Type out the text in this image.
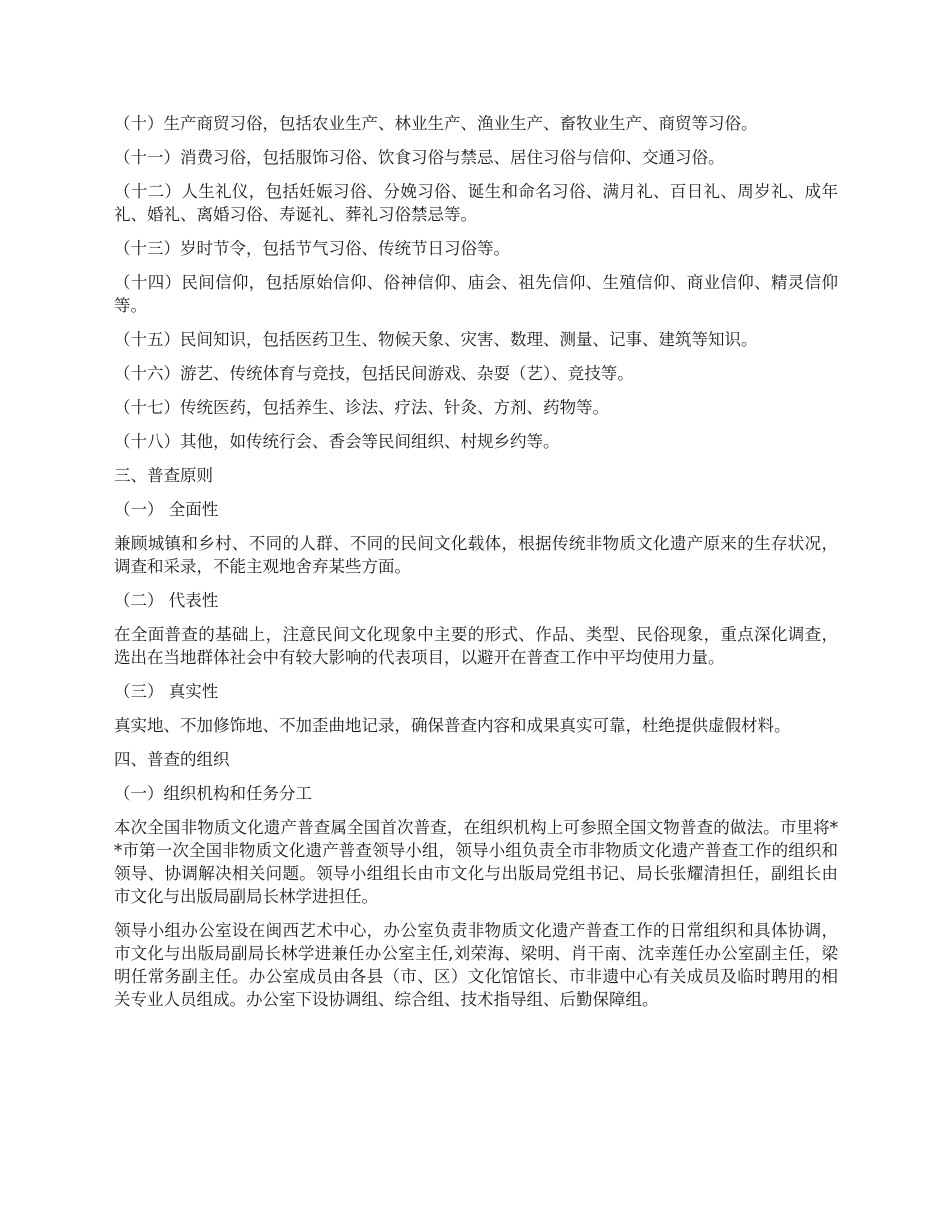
（十）生产商贸习俗，包括农业生产、林业生产、渔业生产、畜牧业生产、商贸等习俗。

（十一）消费习俗，包括服饰习俗、饮食习俗与禁忌、居住习俗与信仰、交通习俗。

（十二）人生礼仪，包括妊娠习俗、分娩习俗、诞生和命名习俗、满月礼、百日礼、周岁礼、成年礼、婚礼、离婚习俗、寿诞礼、葬礼习俗禁忌等。

（十三）岁时节令，包括节气习俗、传统节日习俗等。

（十四）民间信仰，包括原始信仰、俗神信仰、庙会、祖先信仰、生殖信仰、商业信仰、精灵信仰等。

（十五）民间知识，包括医药卫生、物候天象、灾害、数理、测量、记事、建筑等知识。

（十六）游艺、传统体育与竞技，包括民间游戏、杂耍（艺）、竞技等。

（十七）传统医药，包括养生、诊法、疗法、针灸、方剂、药物等。

（十八）其他，如传统行会、香会等民间组织、村规乡约等。

三、普查原则

（一） 全面性

兼顾城镇和乡村、不同的人群、不同的民间文化载体，根据传统非物质文化遗产原来的生存状况，调查和采录，不能主观地舍弃某些方面。

（二） 代表性

在全面普查的基础上，注意民间文化现象中主要的形式、作品、类型、民俗现象，重点深化调查，选出在当地群体社会中有较大影响的代表项目，以避开在普查工作中平均使用力量。

（三） 真实性

真实地、不加修饰地、不加歪曲地记录，确保普查内容和成果真实可靠，杜绝提供虚假材料。

四、普查的组织

（一）组织机构和任务分工

本次全国非物质文化遗产普查属全国首次普查，在组织机构上可参照全国文物普查的做法。市里将**市第一次全国非物质文化遗产普查领导小组，领导小组负责全市非物质文化遗产普查工作的组织和领导、协调解决相关问题。领导小组组长由市文化与出版局党组书记、局长张耀清担任，副组长由市文化与出版局副局长林学进担任。

领导小组办公室设在闽西艺术中心，办公室负责非物质文化遗产普查工作的日常组织和具体协调，市文化与出版局副局长林学进兼任办公室主任,刘荣海、梁明、肖干南、沈幸莲任办公室副主任，梁明任常务副主任。办公室成员由各县（市、区）文化馆馆长、市非遗中心有关成员及临时聘用的相关专业人员组成。办公室下设协调组、综合组、技术指导组、后勤保障组。
